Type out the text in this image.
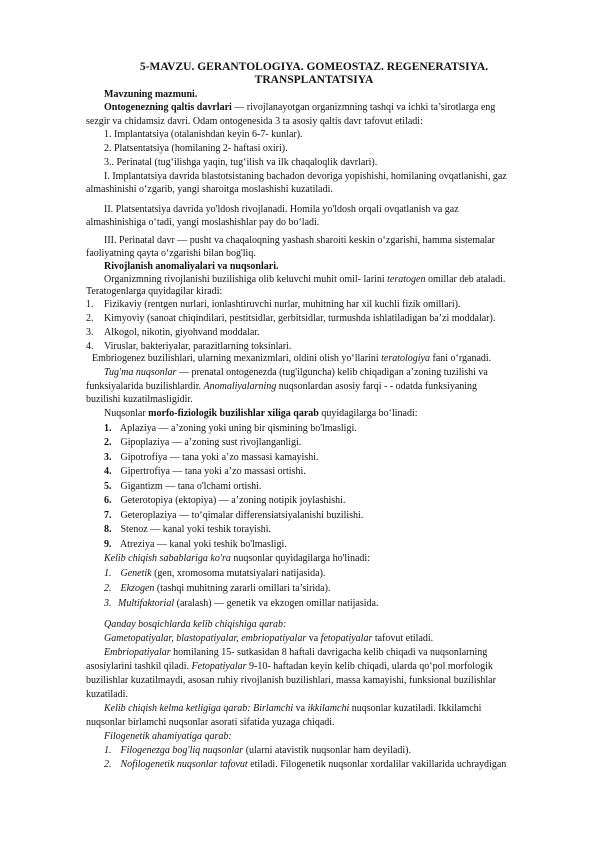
5-MAVZU. GERANTOLOGIYA. GOMEOSTAZ. REGENERATSIYA.
TRANSPLANTATSIYA
Mavzuning mazmuni.
Ontogenezning qaltis davrlari — rivojlanayotgan organizmning tashqi va ichki ta’sirotlarga eng
sezgir va chidamsiz davri. Odam ontogenesida 3 ta asosiy qaltis davr tafovut etiladi:
1. Implantatsiya (otalanishdan keyin 6-7- kunlar).
2. Platsentatsiya (homilaning 2- haftasi oxiri).
3.. Perinatal (tug‘ilishga yaqin, tug‘ilish va ilk chaqaloqlik davrlari).
I. Implantatsiya davrida blastotsistaning bachadon devoriga yopishishi, homilaning ovqatlanishi, gaz
almashinishi o‘zgarib, yangi sharoitga moslashishi kuzatiladi.
II. Platsentatsiya davrida yo'ldosh rivojlanadi. Homila yo'ldosh orqali ovqatlanish va gaz
almashinishiga o‘tadi, yangi moslashishlar pay do bo‘ladi.
III. Perinatal davr — pusht va chaqaloqning yashash sharoiti keskin o‘zgarishi, hamma sistemalar
faoliyatning qayta o‘zgarishi bilan bog'liq.
Rivojlanish anomaliyalari va nuqsonlari.
Organizmning rivojlanishi buzilishiga olib keluvchi muhit omil- larini teratogen omillar deb ataladi.
Teratogenlarga quyidagilar kiradi:
1. Fizikaviy (rentgen nurlari, ionlashtiruvchi nurlar, muhitning har xil kuchli fizik omillari).
2. Kimyoviy (sanoat chiqindilari, pestitsidlar, gerbitsidlar, turmushda ishlatiladigan ba’zi moddalar).
3. Alkogol, nikotin, giyohvand moddalar.
4. Viruslar, bakteriyalar, parazitlarning toksinlari.
Embriogenez buzilishlari, ularning mexanizmlari, oldini olish yo‘llarini teratologiya fani o‘rganadi.
Tug'ma nuqsonlar — prenatal ontogenezda (tug'ilguncha) kelib chiqadigan a’zoning tuzilishi va
funksiyalarida buzilishlardir. Anomaliyalarning nuqsonlardan asosiy farqi - - odatda funksiyaning
buzilishi kuzatilmasligidir.
Nuqsonlar morfo-fiziologik buzilishlar xiliga qarab quyidagilarga bo‘linadi:
1. Aplaziya — a’zoning yoki uning bir qismining bo'lmasligi.
2. Gipoplaziya — a’zoning sust rivojlanganligi.
3. Gipotrofiya — tana yoki a’zo massasi kamayishi.
4. Gipertrofiya — tana yoki a’zo massasi ortishi.
5. Gigantizm — tana o'lchami ortishi.
6. Geterotopiya (ektopiya) — a’zoning notipik joylashishi.
7. Geteroplaziya — to‘qimalar differensiatsiyalanishi buzilishi.
8. Stenoz — kanal yoki teshik torayishi.
9. Atreziya — kanal yoki teshik bo'lmasligi.
Kelib chiqish sabablariga ko'ra nuqsonlar quyidagilarga ho'linadi:
1. Genetik (gen, xromosoma mutatsiyalari natijasida).
2. Ekzogen (tashqi muhitning zararli omillari ta’sirida).
3. Multifaktorial (aralash) — genetik va ekzogen omillar natijasida.
Qanday bosqichlarda kelib chiqishiga qarab:
Gametopatiyalar, blastopatiyalar, embriopatiyalar va fetopatiyalar tafovut etiladi.
Embriopatiyalar homilaning 15- sutkasidan 8 haftali davrigacha kelib chiqadi va nuqsonlarning
asosiylarini tashkil qiladi. Fetopatiyalar 9-10- haftadan keyin kelib chiqadi, ularda qo‘pol morfologik
buzilishlar kuzatilmaydi, asosan ruhiy rivojlanish buzilishlari, massa kamayishi, funksional buzilishlar
kuzatiladi.
Kelib chiqish kelma ketligiga qarab: Birlamchi va ikkilamchi nuqsonlar kuzatiladi. Ikkilamchi
nuqsonlar birlamchi nuqsonlar asorati sifatida yuzaga chiqadi.
Filogenetik ahamiyatiga qarab:
1. Filogenezga bog'liq nuqsonlar (ularni atavistik nuqsonlar ham deyiladi).
2. Nofilogenetik nuqsonlar tafovut etiladi. Filogenetik nuqsonlar xordalilar vakillarida uchraydigan
